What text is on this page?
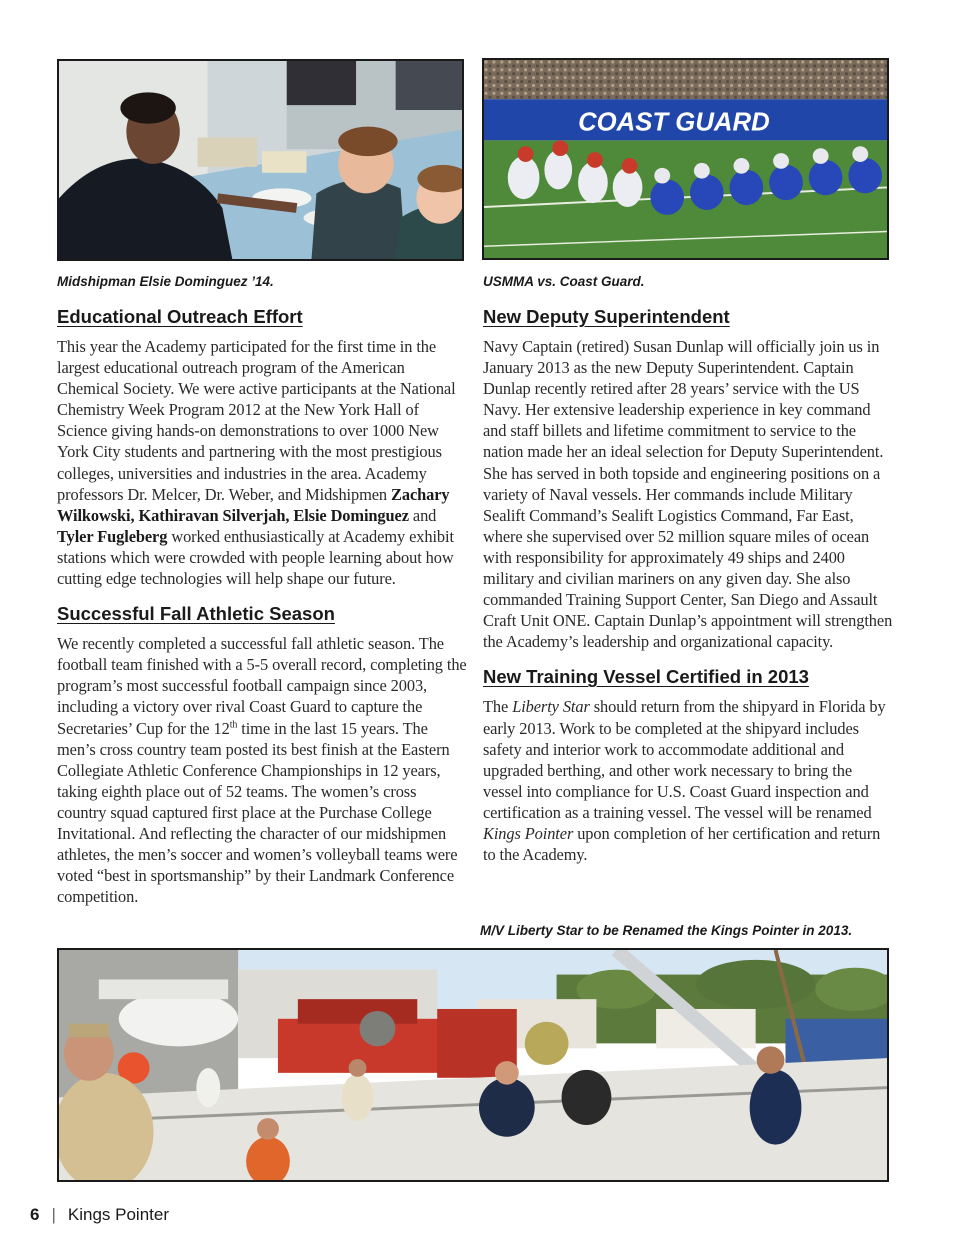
COAST GUARD
Midshipman Elsie Dominguez ’14.	USMMA vs. Coast Guard.
Educational Outreach Effort

This year the Academy participated for the first time in the largest educational outreach program of the American Chemical Society. We were active participants at the National Chemistry Week Program 2012 at the New York Hall of Science giving hands-on demonstrations to over 1000 New York City students and partnering with the most prestigious colleges, universities and industries in the area. Academy professors Dr. Melcer, Dr. Weber, and Midshipmen Zachary Wilkowski, Kathiravan Silverjah, Elsie Dominguez and Tyler Fugleberg worked enthusiastically at Academy exhibit stations which were crowded with people learning about how cutting edge technologies will help shape our future.

Successful Fall Athletic Season

We recently completed a successful fall athletic season. The football team finished with a 5-5 overall record, completing the program’s most successful football campaign since 2003, including a victory over rival Coast Guard to capture the Secretaries’ Cup for the 12th time in the last 15 years. The men’s cross country team posted its best finish at the Eastern Collegiate Athletic Conference Championships in 12 years, taking eighth place out of 52 teams. The women’s cross country squad captured first place at the Purchase College Invitational. And reflecting the character of our midshipmen athletes, the men’s soccer and women’s volleyball teams were voted “best in sportsmanship” by their Landmark Conference competition.

New Deputy Superintendent

Navy Captain (retired) Susan Dunlap will officially join us in January 2013 as the new Deputy Superintendent. Captain Dunlap recently retired after 28 years’ service with the US Navy. Her extensive leadership experience in key command and staff billets and lifetime commitment to service to the nation made her an ideal selection for Deputy Superintendent. She has served in both topside and engineering positions on a variety of Naval vessels. Her commands include Military Sealift Command’s Sealift Logistics Command, Far East, where she supervised over 52 million square miles of ocean with responsibility for approximately 49 ships and 2400 military and civilian mariners on any given day. She also commanded Training Support Center, San Diego and Assault Craft Unit ONE. Captain Dunlap’s appointment will strengthen the Academy’s leadership and organizational capacity.

New Training Vessel Certified in 2013

The Liberty Star should return from the shipyard in Florida by early 2013. Work to be completed at the shipyard includes safety and interior work to accommodate additional and upgraded berthing, and other work necessary to bring the vessel into compliance for U.S. Coast Guard inspection and certification as a training vessel. The vessel will be renamed Kings Pointer upon completion of her certification and return to the Academy.

M/V Liberty Star to be Renamed the Kings Pointer in 2013.
6 | Kings Pointer
